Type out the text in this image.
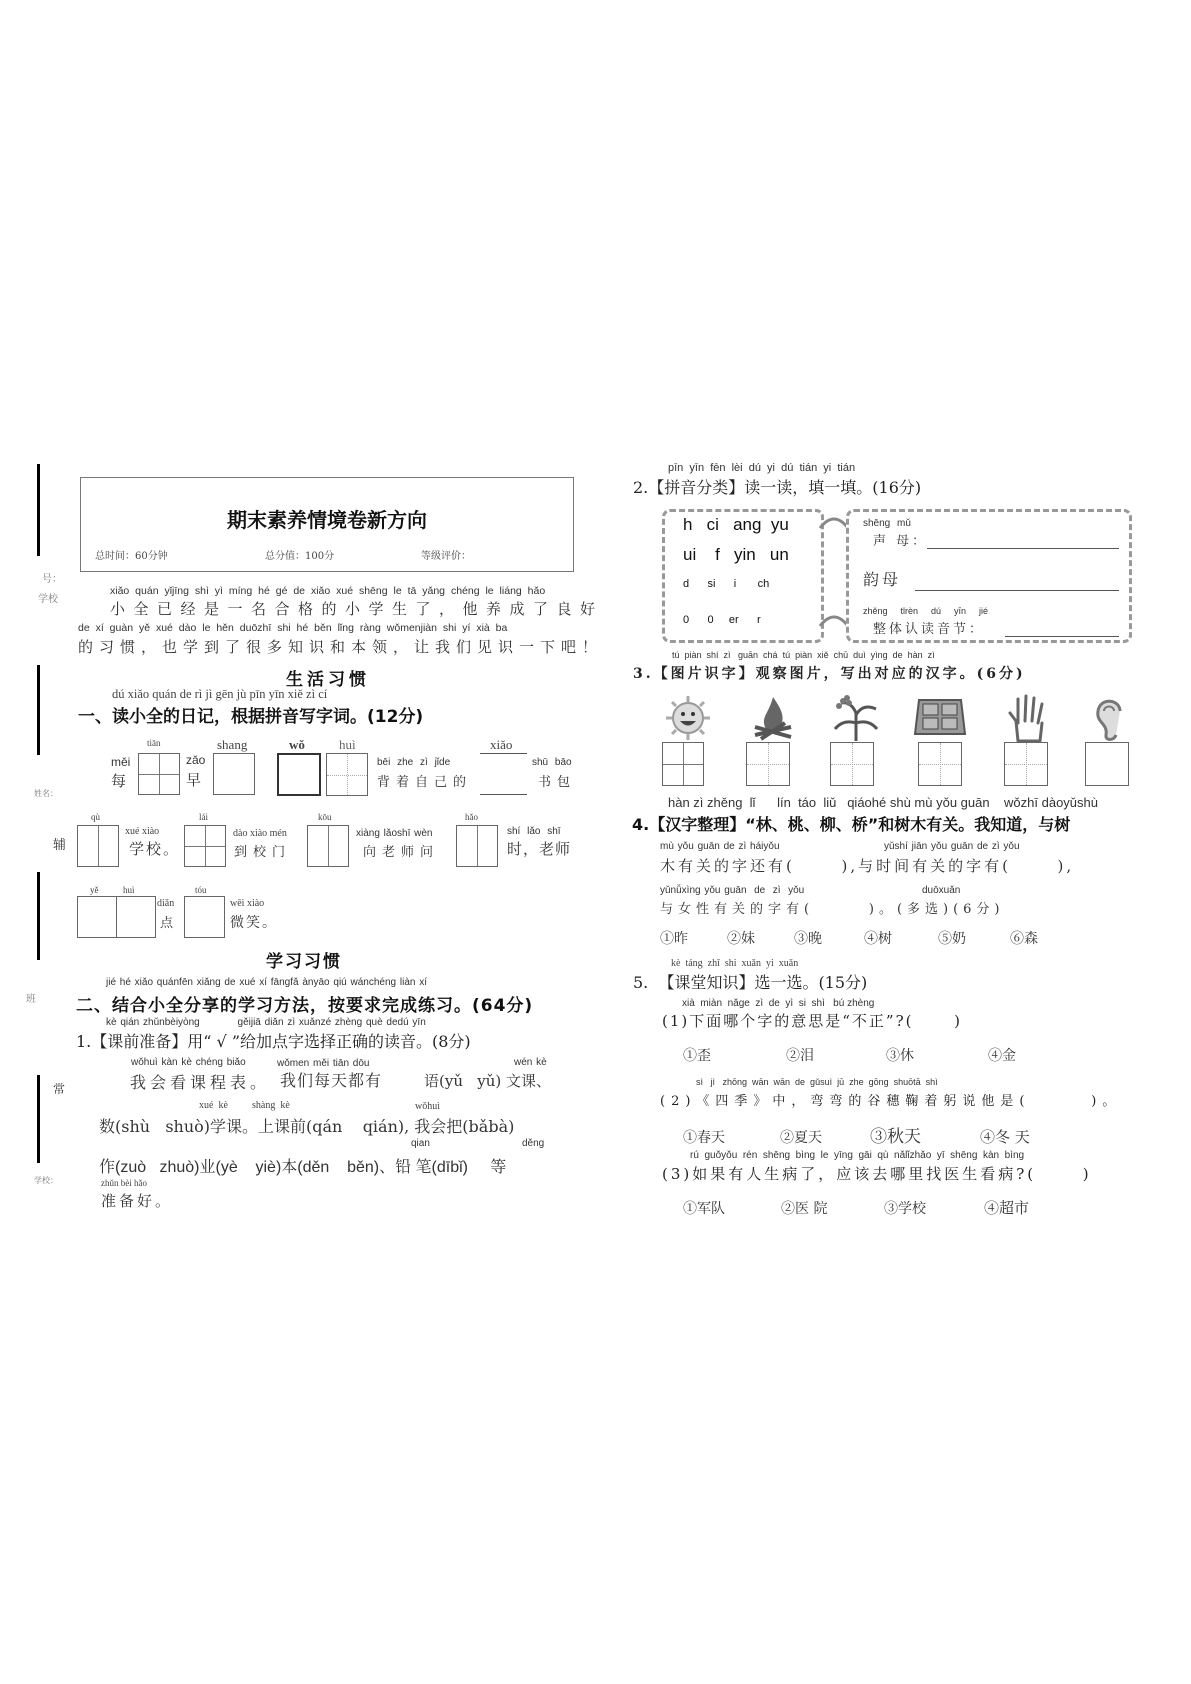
号：
学校
姓名：
辅
班
常
学校：
期末素养情境卷新方向
总时间：60分钟	总分值：100分	等级评价：
xiǎo quán yǐjīng shì yì míng hé gé de xiǎo xué shēng le tā yǎng chéng le liáng hǎo
小全已经是一名合格的小学生了，他养成了良好
de xí guàn yě xué dào le hěn duōzhī shi hé běn lǐng ràng wǒmenjiàn shi yí xià ba
的习惯，也学到了很多知识和本领，让我们见识一下吧！
生活习惯
dú xiǎo quán de rì jì gēn jù pīn yīn xiě zì cí
一、读小全的日记，根据拼音写字词。(12分)
měi
每
tiān
zǎo
早
shang	wǒ	huì
bēi zhe zì jǐde
背着自己的
xiǎo
shū bāo
书包
qù
xué xiào
学校。
lái
dào xiào mén
到校门
kōu
xiàng lǎoshī wèn
向老师问
hǎo
shí lǎo shī
时，老师
yě	huì
diǎn
点
tóu
wēi xiào
微笑。
学习习惯
jié hé xiǎo quánfēn xiǎng de xué xí fāngfǎ ànyāo qiú wánchéng liàn xí
二、结合小全分享的学习方法，按要求完成练习。(64分)
kè qián zhǔnbèiyòng          gěijiā diǎn zì xuǎnzé zhèng què dedú yīn
1.【课前准备】用“ √ ”给加点字选择正确的读音。(8分)
wǒhuì kàn kè chéng biǎo	wǒmen měi tiān dōu	wén kè
我会看课程表。 我们每天都有	语(yǔ   yǔ) 文课、
xué  kè shàng  kè	wǒhuì
数(shù   shuò)学课。上课前(qán    qián), 我会把(bǎbà)
qian	děng
作(zuò   zhuò)业(yè    yiè)本(děn    běn)、铅 笔(dībǐ)     等
zhǔn bèi hǎo
准备好。
pīn  yīn  fēn  lèi  dú  yi  dú  tián  yi  tián
2.【拼音分类】读一读，填一填。(16分)
h   ci   ang  yu
ui    f   yin   un
d      si      i       ch
0      0     er      r
shēng mǔ
声 母：
韵母
zhěng  tǐrèn  dú  yīn  jié
整体认读音节：
tú  piàn  shí  zì   guān  chá  tú  piàn  xiě  chū  duì  yìng  de  hàn  zì
3.【图片识字】观察图片，写出对应的汉字。(6分)
hàn zì zhěng  lǐ      lín  táo  liǔ   qiáohé shù mù yǒu guān    wǒzhī dàoyǔshù
4.【汉字整理】“林、桃、柳、桥”和树木有关。我知道，与树
mù yǒu guān de zì háiyǒu	yǔshí jiān yǒu guān de zì yǒu
木有关的字还有(      ),与时间有关的字有(      ),
yǔnǚxìng yǒu guān  de  zì  yǒu	duōxuǎn
与女性有关的字有(      )。(多选)(6分)
①昨	②妹	③晚	④树	⑤奶	⑥森
kè  táng  zhī  shi  xuǎn  yi  xuǎn
5.  【课堂知识】选一选。(15分)
xià  miàn  nǎge  zì  de  yì  si  shì   bú zhèng
(1)下面哪个字的意思是“不正”?(      )
①歪	②泪	③休	④金
sì   jì   zhōng  wān  wān  de  gǔsuì  jū  zhe  gōng  shuōtā  shì
(2)《四季》中，弯弯的谷穗鞠着躬说他是(      )。
①春天	②夏天	③秋天	④冬 天
rú  guǒyǒu  rén  shēng  bìng  le  yīng  gāi  qù  nǎlǐzhǎo  yī  shēng  kàn  bìng
(3)如果有人生病了，应该去哪里找医生看病?(      )
①军队	②医 院	③学校	④超市
